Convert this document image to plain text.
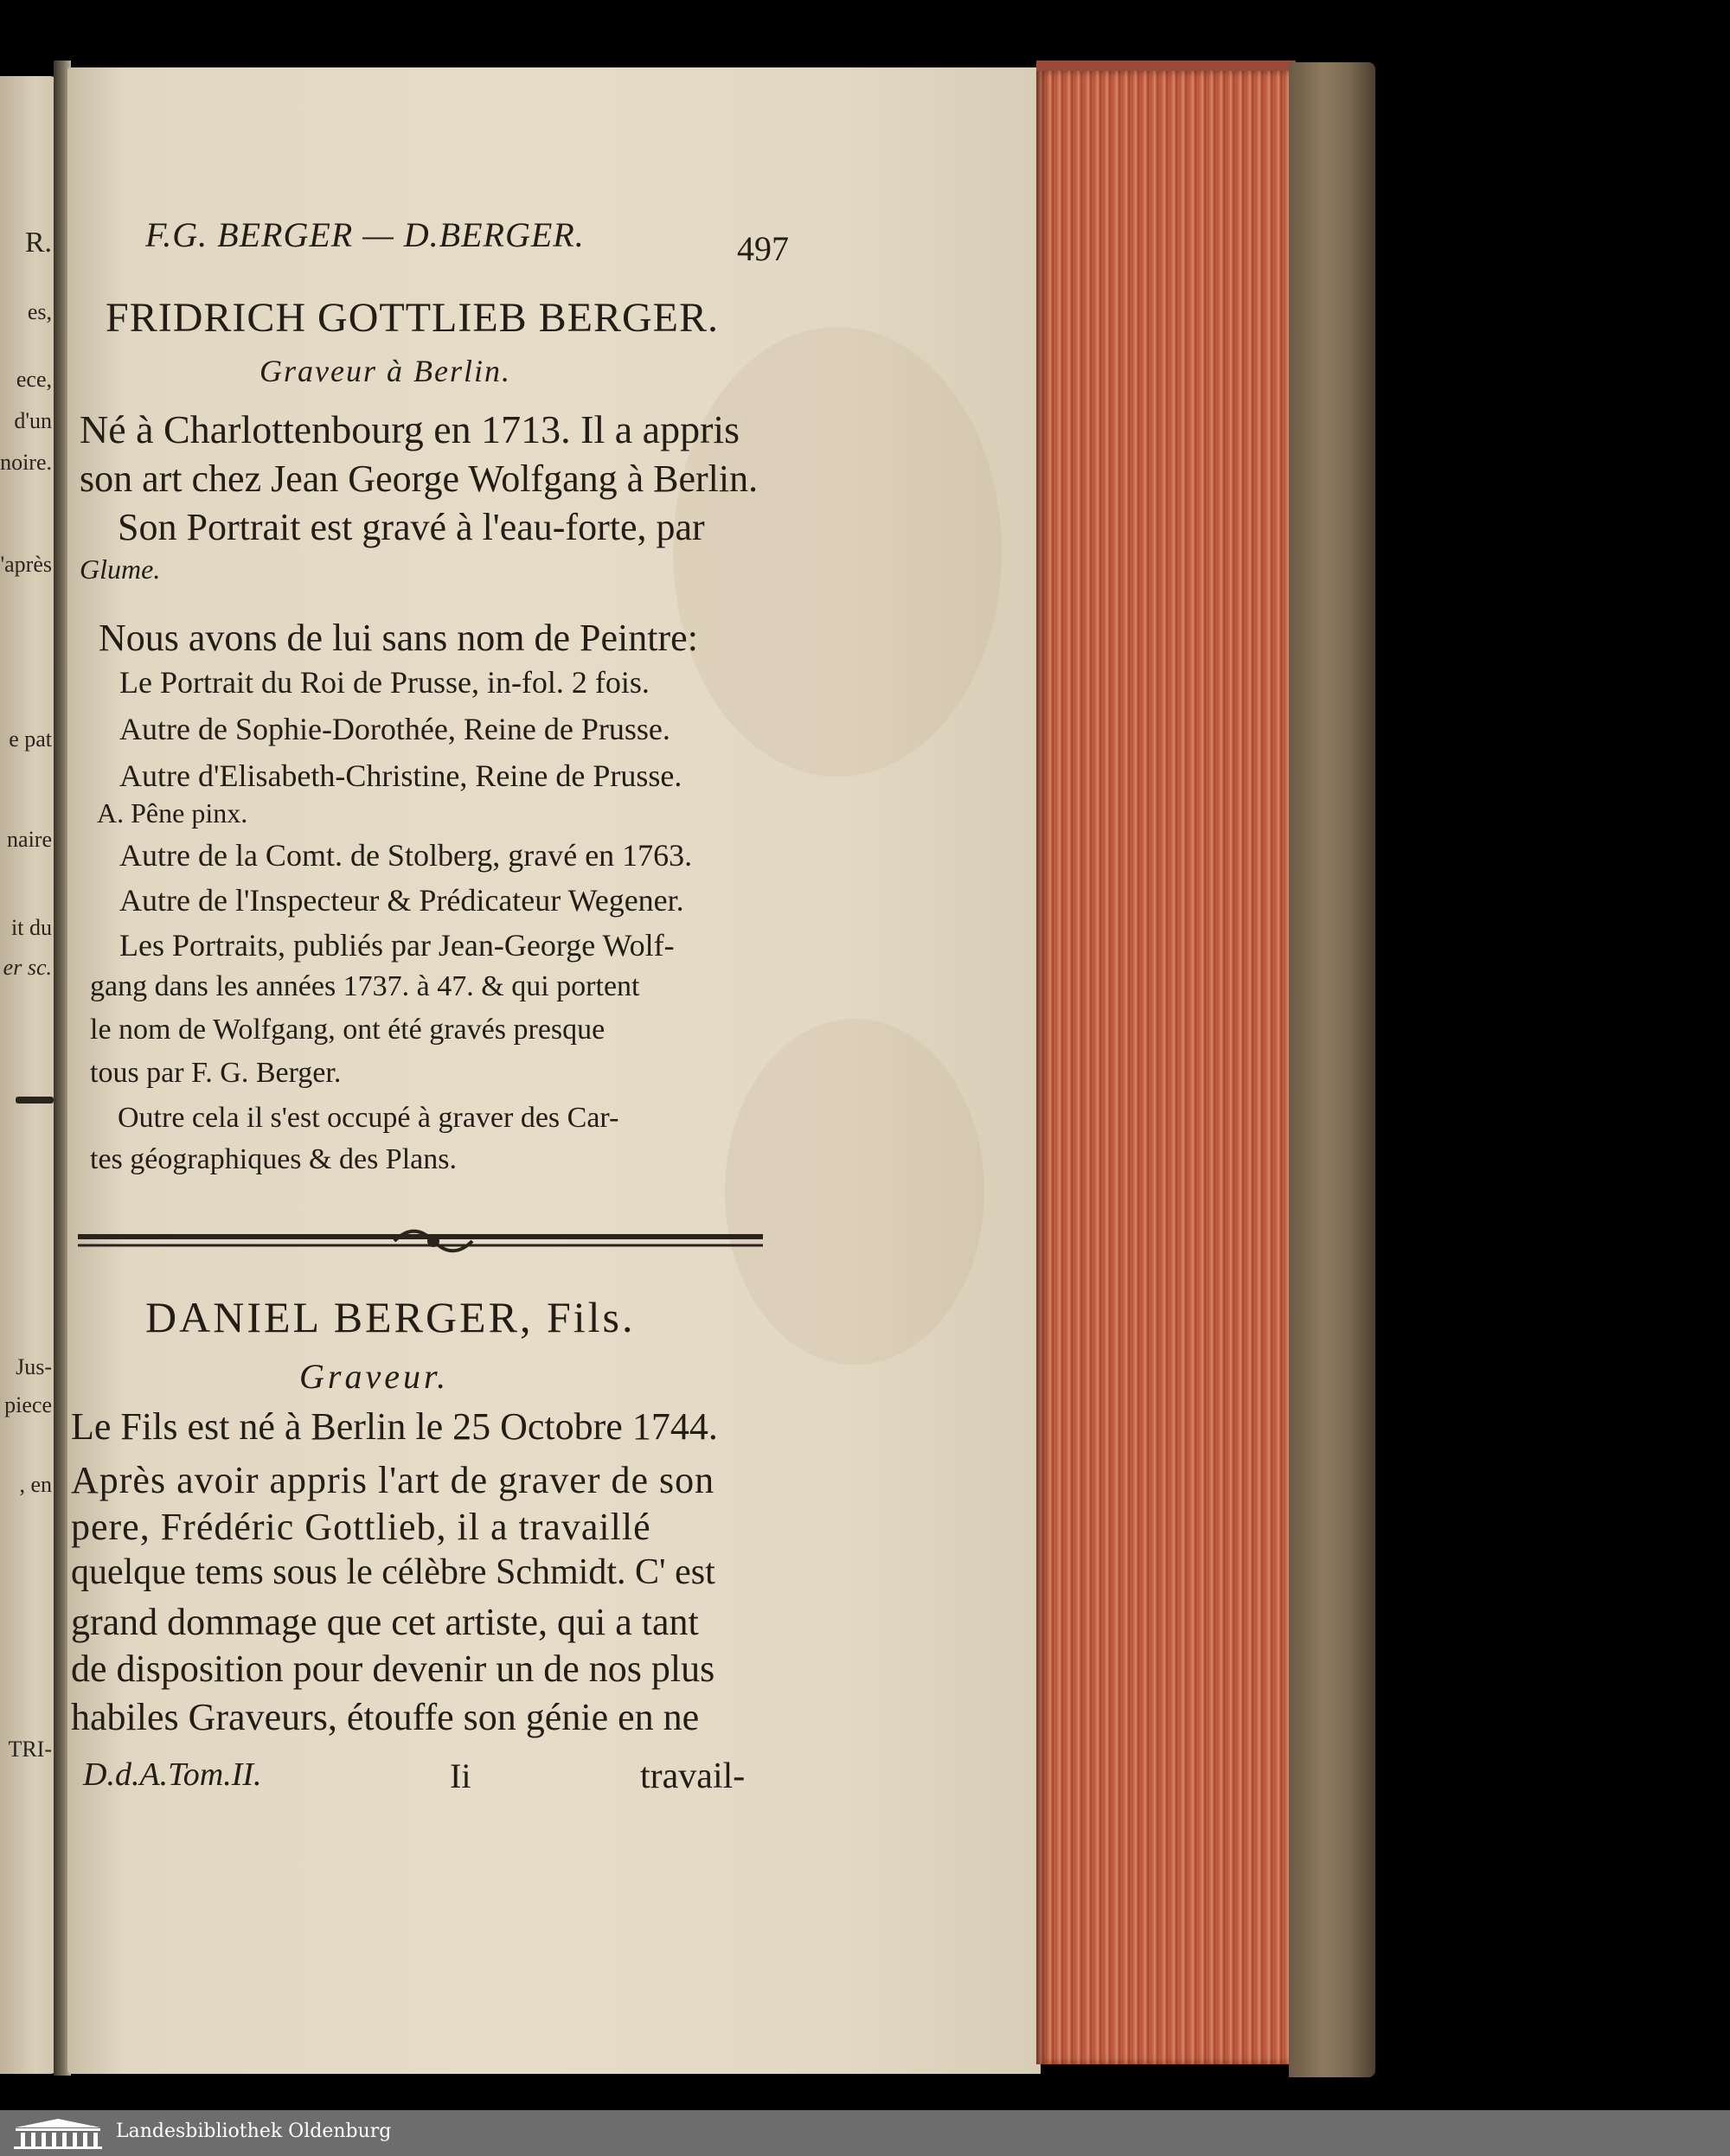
R.
es,
ece,
d'un
noire.
'après
e pat
naire
it du
er sc.
Jus-
piece
, en
TRI-
F.G. BERGER — D.BERGER.	497
FRIDRICH GOTTLIEB BERGER.
Graveur à Berlin.
Né à Charlottenbourg en 1713. Il a appris
son art chez Jean George Wolfgang à Berlin.
Son Portrait est gravé à l'eau-forte, par
Glume.
Nous avons de lui sans nom de Peintre:
Le Portrait du Roi de Prusse, in-fol. 2 fois.
Autre de Sophie-Dorothée, Reine de Prusse.
Autre d'Elisabeth-Christine, Reine de Prusse.
A. Pêne pinx.
Autre de la Comt. de Stolberg, gravé en 1763.
Autre de l'Inspecteur & Prédicateur Wegener.
Les Portraits, publiés par Jean-George Wolf-
gang dans les années 1737. à 47. & qui portent
le nom de Wolfgang, ont été gravés presque
tous par F. G. Berger.
Outre cela il s'est occupé à graver des Car-
tes géographiques & des Plans.
DANIEL BERGER, Fils.
Graveur.
Le Fils est né à Berlin le 25 Octobre 1744.
Après avoir appris l'art de graver de son
pere, Frédéric Gottlieb, il a travaillé
quelque tems sous le célèbre Schmidt. C' est
grand dommage que cet artiste, qui a tant
de disposition pour devenir un de nos plus
habiles Graveurs, étouffe son génie en ne
D.d.A.Tom.II.	Ii	travail-
Landesbibliothek Oldenburg
